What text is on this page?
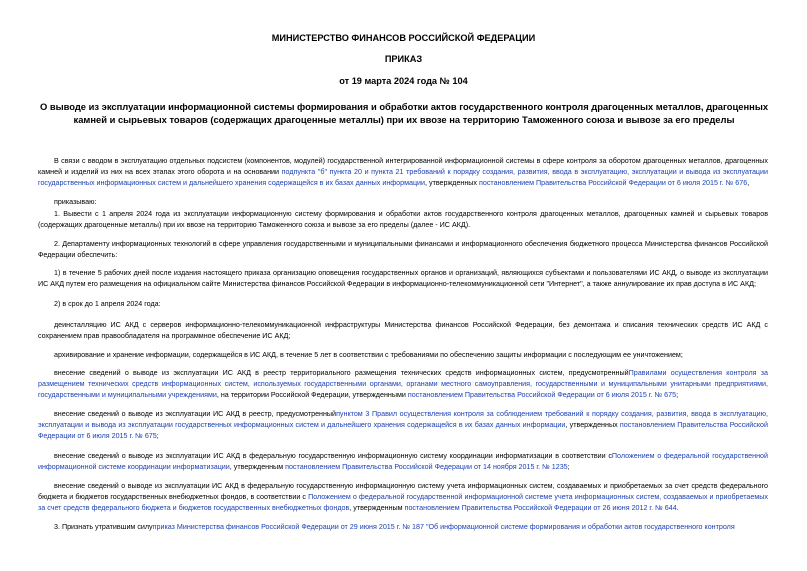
МИНИСТЕРСТВО ФИНАНСОВ РОССИЙСКОЙ ФЕДЕРАЦИИ

ПРИКАЗ

от 19 марта 2024 года № 104

О выводе из эксплуатации информационной системы формирования и обработки актов государственного контроля драгоценных металлов, драгоценных камней и сырьевых товаров (содержащих драгоценные металлы) при их ввозе на территорию Таможенного союза и вывозе за его пределы

В связи с вводом в эксплуатацию отдельных подсистем (компонентов, модулей) государственной интегрированной информационной системы в сфере контроля за оборотом драгоценных металлов, драгоценных камней и изделий из них на всех этапах этого оборота и на основании подпункта "б" пункта 20 и пункта 21 требований к порядку создания, развития, ввода в эксплуатацию, эксплуатации и вывода из эксплуатации государственных информационных систем и дальнейшего хранения содержащейся в их базах данных информации, утвержденных постановлением Правительства Российской Федерации от 6 июля 2015 г. № 676,

приказываю:

1. Вывести с 1 апреля 2024 года из эксплуатации информационную систему формирования и обработки актов государственного контроля драгоценных металлов, драгоценных камней и сырьевых товаров (содержащих драгоценные металлы) при их ввозе на территорию Таможенного союза и вывозе за его пределы (далее - ИС АКД).

2. Департаменту информационных технологий в сфере управления государственными и муниципальными финансами и информационного обеспечения бюджетного процесса Министерства финансов Российской Федерации обеспечить:

1) в течение 5 рабочих дней после издания настоящего приказа организацию оповещения государственных органов и организаций, являющихся субъектами и пользователями ИС АКД, о выводе из эксплуатации ИС АКД путем его размещения на официальном сайте Министерства финансов Российской Федерации в информационно-телекоммуникационной сети "Интернет", а также аннулирование их прав доступа в ИС АКД;

2) в срок до 1 апреля 2024 года:

деинсталляцию ИС АКД с серверов информационно-телекоммуникационной инфраструктуры Министерства финансов Российской Федерации, без демонтажа и списания технических средств ИС АКД с сохранением прав правообладателя на программное обеспечение ИС АКД;

архивирование и хранение информации, содержащейся в ИС АКД, в течение 5 лет в соответствии с требованиями по обеспечению защиты информации с последующим ее уничтожением;

внесение сведений о выводе из эксплуатации ИС АКД в реестр территориального размещения технических средств информационных систем, предусмотренныйПравилами осуществления контроля за размещением технических средств информационных систем, используемых государственными органами, органами местного самоуправления, государственными и муниципальными унитарными предприятиями, государственными и муниципальными учреждениями, на территории Российской Федерации, утвержденными постановлением Правительства Российской Федерации от 6 июля 2015 г. № 675;

внесение сведений о выводе из эксплуатации ИС АКД в реестр, предусмотренныйпунктом 3 Правил осуществления контроля за соблюдением требований к порядку создания, развития, ввода в эксплуатацию, эксплуатации и вывода из эксплуатации государственных информационных систем и дальнейшего хранения содержащейся в их базах данных информации, утвержденных постановлением Правительства Российской Федерации от 6 июля 2015 г. № 675;

внесение сведений о выводе из эксплуатации ИС АКД в федеральную государственную информационную систему координации информатизации в соответствии сПоложением о федеральной государственной информационной системе координации информатизации, утвержденным постановлением Правительства Российской Федерации от 14 ноября 2015 г. № 1235;

внесение сведений о выводе из эксплуатации ИС АКД в федеральную государственную информационную систему учета информационных систем, создаваемых и приобретаемых за счет средств федерального бюджета и бюджетов государственных внебюджетных фондов, в соответствии с Положением о федеральной государственной информационной системе учета информационных систем, создаваемых и приобретаемых за счет средств федерального бюджета и бюджетов государственных внебюджетных фондов, утвержденным постановлением Правительства Российской Федерации от 26 июня 2012 г. № 644.

3. Признать утратившим силуприказ Министерства финансов Российской Федерации от 29 июня 2015 г. № 187 "Об информационной системе формирования и обработки актов государственного контроля
